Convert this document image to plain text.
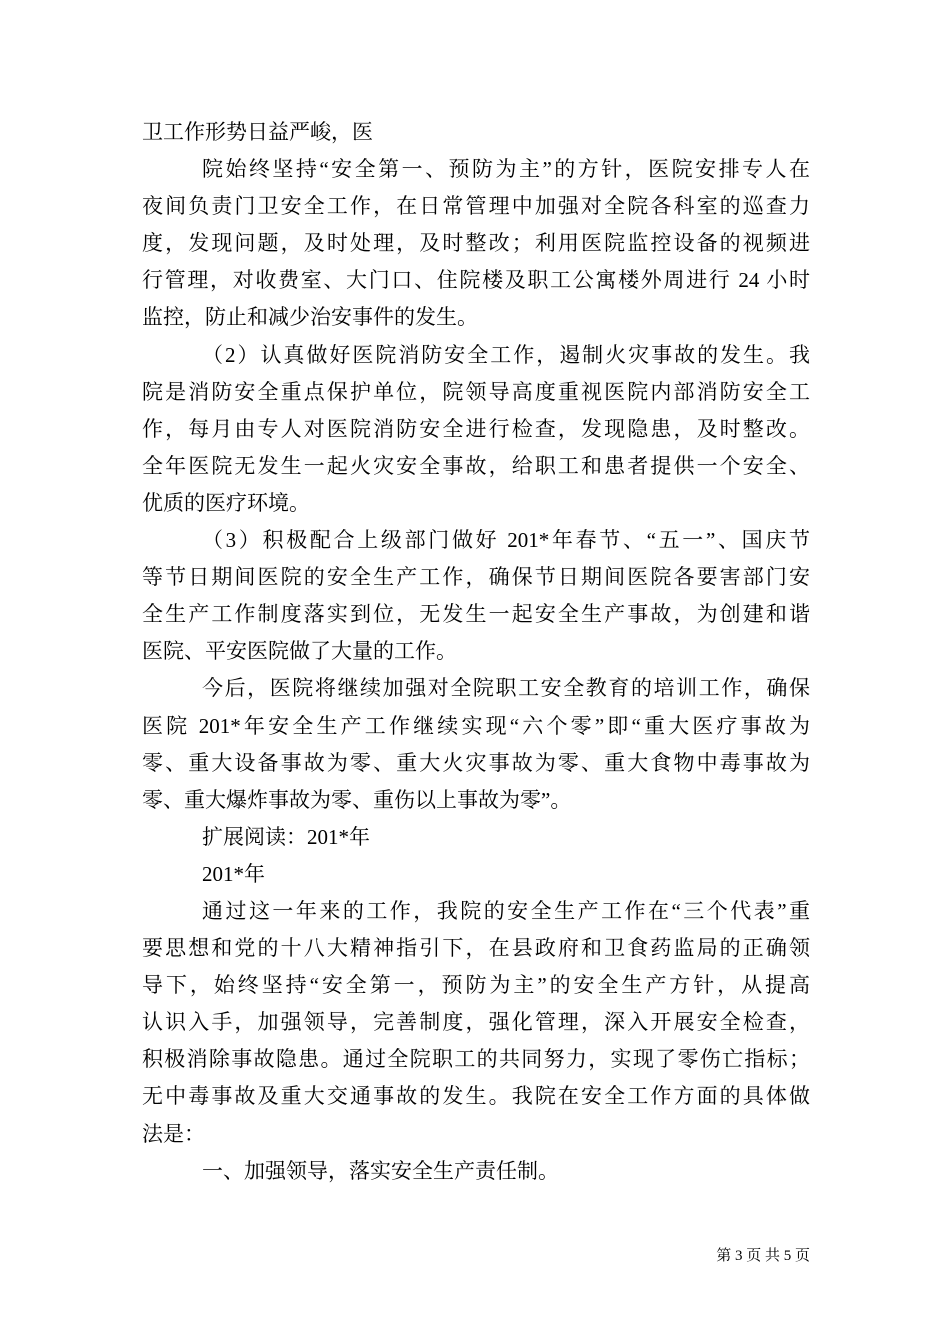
卫工作形势日益严峻，医
院始终坚持“安全第一、预防为主”的方针，医院安排专人在
夜间负责门卫安全工作，在日常管理中加强对全院各科室的巡查力
度，发现问题，及时处理，及时整改；利用医院监控设备的视频进
行管理，对收费室、大门口、住院楼及职工公寓楼外周进行 24 小时
监控，防止和减少治安事件的发生。
（2）认真做好医院消防安全工作，遏制火灾事故的发生。我
院是消防安全重点保护单位，院领导高度重视医院内部消防安全工
作，每月由专人对医院消防安全进行检查，发现隐患，及时整改。
全年医院无发生一起火灾安全事故，给职工和患者提供一个安全、
优质的医疗环境。
（3）积极配合上级部门做好 201*年春节、“五一”、国庆节
等节日期间医院的安全生产工作，确保节日期间医院各要害部门安
全生产工作制度落实到位，无发生一起安全生产事故，为创建和谐
医院、平安医院做了大量的工作。
今后，医院将继续加强对全院职工安全教育的培训工作，确保
医院 201*年安全生产工作继续实现“六个零”即“重大医疗事故为
零、重大设备事故为零、重大火灾事故为零、重大食物中毒事故为
零、重大爆炸事故为零、重伤以上事故为零”。
扩展阅读：201*年
201*年
通过这一年来的工作，我院的安全生产工作在“三个代表”重
要思想和党的十八大精神指引下，在县政府和卫食药监局的正确领
导下，始终坚持“安全第一，预防为主”的安全生产方针，从提高
认识入手，加强领导，完善制度，强化管理，深入开展安全检查，
积极消除事故隐患。通过全院职工的共同努力，实现了零伤亡指标；
无中毒事故及重大交通事故的发生。我院在安全工作方面的具体做
法是：
一、加强领导，落实安全生产责任制。
第 3 页 共 5 页
